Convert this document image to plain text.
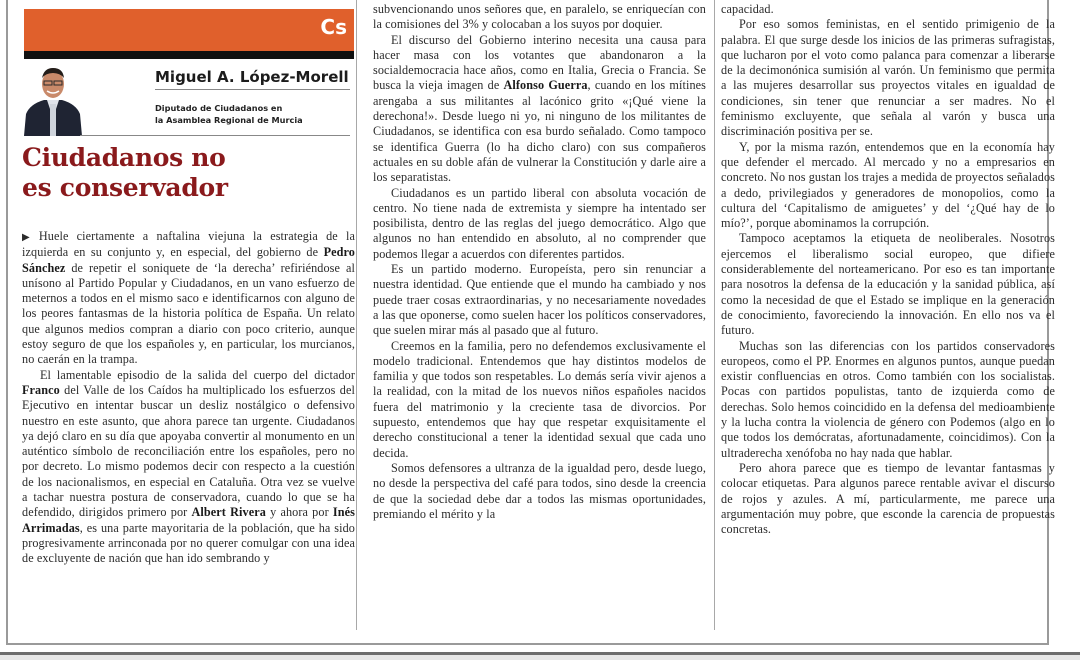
Cs
Miguel A. López-Morell
Diputado de Ciudadanos en
la Asamblea Regional de Murcia
Ciudadanos no
es conservador

▶ Huele ciertamente a naftalina viejuna la estrategia de la izquierda en su conjunto y, en especial, del gobierno de Pedro Sánchez de repetir el soniquete de ‘la derecha’ refiriéndose al unísono al Partido Popular y Ciudadanos, en un vano esfuerzo de meternos a todos en el mismo saco e identificarnos con alguno de los peores fantasmas de la historia política de España. Un relato que algunos medios compran a diario con poco criterio, aunque estoy seguro de que los españoles y, en particular, los murcianos, no caerán en la trampa.

El lamentable episodio de la salida del cuerpo del dictador Franco del Valle de los Caídos ha multiplicado los esfuerzos del Ejecutivo en intentar buscar un desliz nostálgico o defensivo nuestro en este asunto, que ahora parece tan urgente. Ciudadanos ya dejó claro en su día que apoyaba convertir al monumento en un auténtico símbolo de reconciliación entre los españoles, pero no por decreto. Lo mismo podemos decir con respecto a la cuestión de los nacionalismos, en especial en Cataluña. Otra vez se vuelve a tachar nuestra postura de conservadora, cuando lo que se ha defendido, dirigidos primero por Albert Rivera y ahora por Inés Arrimadas, es una parte mayoritaria de la población, que ha sido progresivamente arrinconada por no querer comulgar con una idea de excluyente de nación que han ido sembrando y

subvencionando unos señores que, en paralelo, se enriquecían con la comisiones del 3% y colocaban a los suyos por doquier.

El discurso del Gobierno interino necesita una causa para hacer masa con los votantes que abandonaron a la socialdemocracia hace años, como en Italia, Grecia o Francia. Se busca la vieja imagen de Alfonso Guerra, cuando en los mítines arengaba a sus militantes al lacónico grito «¡Qué viene la derechona!». Desde luego ni yo, ni ninguno de los militantes de Ciudadanos, se identifica con esa burdo señalado. Como tampoco se identifica Guerra (lo ha dicho claro) con sus compañeros actuales en su doble afán de vulnerar la Constitución y darle aire a los separatistas.

Ciudadanos es un partido liberal con absoluta vocación de centro. No tiene nada de extremista y siempre ha intentado ser posibilista, dentro de las reglas del juego democrático. Algo que algunos no han entendido en absoluto, al no comprender que podemos llegar a acuerdos con diferentes partidos.

Es un partido moderno. Europeísta, pero sin renunciar a nuestra identidad. Que entiende que el mundo ha cambiado y nos puede traer cosas extraordinarias, y no necesariamente novedades a las que oponerse, como suelen hacer los políticos conservadores, que suelen mirar más al pasado que al futuro.

Creemos en la familia, pero no defendemos exclusivamente el modelo tradicional. Entendemos que hay distintos modelos de familia y que todos son respetables. Lo demás sería vivir ajenos a la realidad, con la mitad de los nuevos niños españoles nacidos fuera del matrimonio y la creciente tasa de divorcios. Por supuesto, entendemos que hay que respetar exquisitamente el derecho constitucional a tener la identidad sexual que cada uno decida.

Somos defensores a ultranza de la igualdad pero, desde luego, no desde la perspectiva del café para todos, sino desde la creencia de que la sociedad debe dar a todos las mismas oportunidades, premiando el mérito y la

capacidad.

Por eso somos feministas, en el sentido primigenio de la palabra. El que surge desde los inicios de las primeras sufragistas, que lucharon por el voto como palanca para comenzar a liberarse de la decimonónica sumisión al varón. Un feminismo que permita a las mujeres desarrollar sus proyectos vitales en igualdad de condiciones, sin tener que renunciar a ser madres. No el feminismo excluyente, que señala al varón y busca una discriminación positiva per se.

Y, por la misma razón, entendemos que en la economía hay que defender el mercado. Al mercado y no a empresarios en concreto. No nos gustan los trajes a medida de proyectos señalados a dedo, privilegiados y generadores de monopolios, como la cultura del ‘Capitalismo de amiguetes’ y del ‘¿Qué hay de lo mío?’, porque abominamos la corrupción.

Tampoco aceptamos la etiqueta de neoliberales. Nosotros ejercemos el liberalismo social europeo, que difiere considerablemente del norteamericano. Por eso es tan importante para nosotros la defensa de la educación y la sanidad pública, así como la necesidad de que el Estado se implique en la generación de conocimiento, favoreciendo la innovación. En ello nos va el futuro.

Muchas son las diferencias con los partidos conservadores europeos, como el PP. Enormes en algunos puntos, aunque puedan existir confluencias en otros. Como también con los socialistas. Pocas con partidos populistas, tanto de izquierda como de derechas. Solo hemos coincidido en la defensa del medioambiente y la lucha contra la violencia de género con Podemos (algo en lo que todos los demócratas, afortunadamente, coincidimos). Con la ultraderecha xenófoba no hay nada que hablar.

Pero ahora parece que es tiempo de levantar fantasmas y colocar etiquetas. Para algunos parece rentable avivar el discurso de rojos y azules. A mí, particularmente, me parece una argumentación muy pobre, que esconde la carencia de propuestas concretas.
